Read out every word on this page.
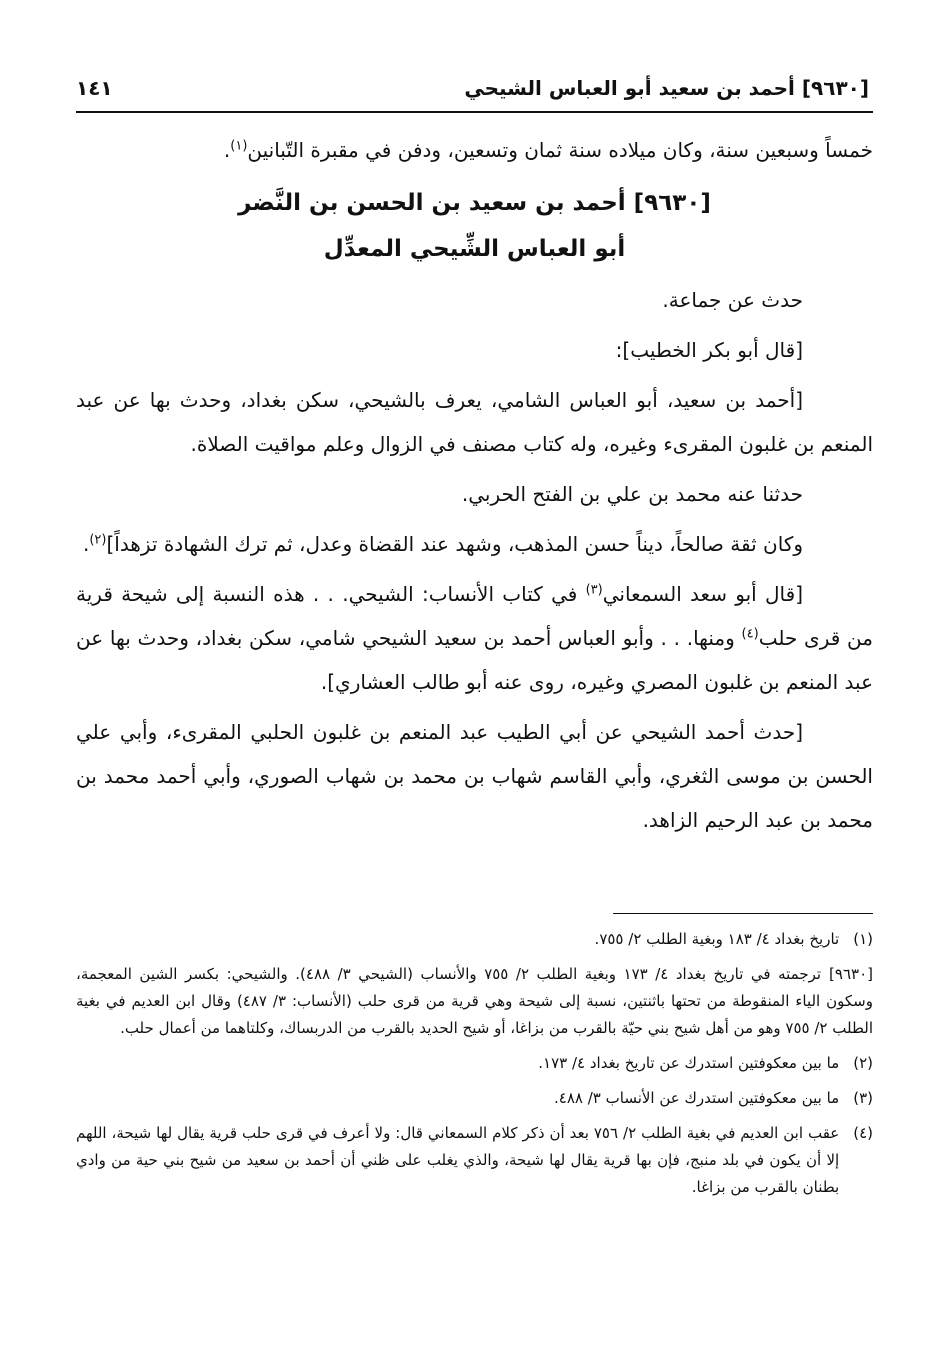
[٩٦٣٠] أحمد بن سعيد أبو العباس الشيحي
١٤١

خمساً وسبعين سنة، وكان ميلاده سنة ثمان وتسعين، ودفن في مقبرة التّبانين$^{(١)}$.

[٩٦٣٠] أحمد بن سعيد بن الحسن بن النَّضر
أبو العباس الشِّيحي المعدِّل

حدث عن جماعة.

[قال أبو بكر الخطيب]:

[أحمد بن سعيد، أبو العباس الشامي، يعرف بالشيحي، سكن بغداد، وحدث بها عن عبد المنعم بن غلبون المقرىء وغيره، وله كتاب مصنف في الزوال وعلم مواقيت الصلاة.

حدثنا عنه محمد بن علي بن الفتح الحربي.

وكان ثقة صالحاً، ديناً حسن المذهب، وشهد عند القضاة وعدل، ثم ترك الشهادة تزهداً]$^{(٢)}$.

[قال أبو سعد السمعاني$^{(٣)}$ في كتاب الأنساب: الشيحي. . . هذه النسبة إلى شيحة قرية من قرى حلب$^{(٤)}$ ومنها. . . وأبو العباس أحمد بن سعيد الشيحي شامي، سكن بغداد، وحدث بها عن عبد المنعم بن غلبون المصري وغيره، روى عنه أبو طالب العشاري].

[حدث أحمد الشيحي عن أبي الطيب عبد المنعم بن غلبون الحلبي المقرىء، وأبي علي الحسن بن موسى الثغري، وأبي القاسم شهاب بن محمد بن شهاب الصوري، وأبي أحمد محمد بن محمد بن عبد الرحيم الزاهد.

(١)
تاريخ بغداد ٤/ ١٨٣ وبغية الطلب ٢/ ٧٥٥.
[٩٦٣٠]ترجمته في تاريخ بغداد ٤/ ١٧٣ وبغية الطلب ٢/ ٧٥٥ والأنساب (الشيحي ٣/ ٤٨٨). والشيحي: بكسر الشين المعجمة، وسكون الياء المنقوطة من تحتها باثنتين، نسبة إلى شيحة وهي قرية من قرى حلب (الأنساب: ٣/ ٤٨٧) وقال ابن العديم في بغية الطلب ٢/ ٧٥٥ وهو من أهل شيح بني حيّة بالقرب من بزاغا، أو شيح الحديد بالقرب من الدربساك، وكلتاهما من أعمال حلب.
(٢)
ما بين معكوفتين استدرك عن تاريخ بغداد ٤/ ١٧٣.
(٣)
ما بين معكوفتين استدرك عن الأنساب ٣/ ٤٨٨.
(٤)
عقب ابن العديم في بغية الطلب ٢/ ٧٥٦ بعد أن ذكر كلام السمعاني قال: ولا أعرف في قرى حلب قرية يقال لها شيحة، اللهم إلا أن يكون في بلد منبج، فإن بها قرية يقال لها شيحة، والذي يغلب على ظني أن أحمد بن سعيد من شيح بني حية من وادي بطنان بالقرب من بزاغا.
